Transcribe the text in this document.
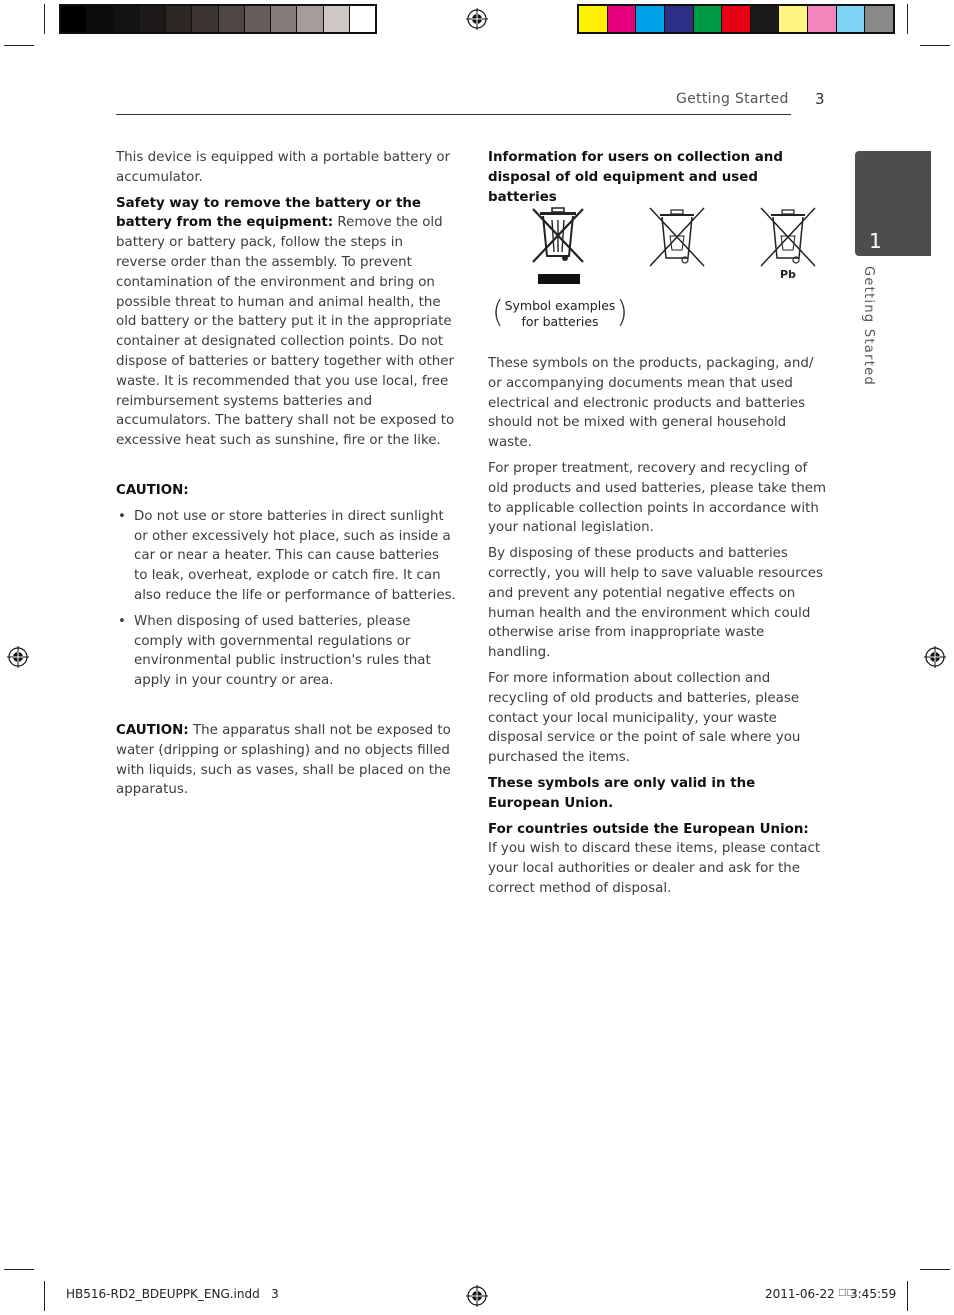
Getting Started 3
1
Getting Started

This device is equipped with a portable battery or accumulator.

Safety way to remove the battery or the battery from the equipment: Remove the old battery or battery pack, follow the steps in reverse order than the assembly. To prevent contamination of the environment and bring on possible threat to human and animal health, the old battery or the battery put it in the appropriate container at designated collection points. Do not dispose of batteries or battery together with other waste. It is recommended that you use local, free reimbursement systems batteries and accumulators. The battery shall not be exposed to excessive heat such as sunshine, fire or the like.

CAUTION:

• Do not use or store batteries in direct sunlight or other excessively hot place, such as inside a car or near a heater. This can cause batteries to leak, overheat, explode or catch fire. It can also reduce the life or performance of batteries.
• When disposing of used batteries, please comply with governmental regulations or environmental public instruction's rules that apply in your country or area.

CAUTION: The apparatus shall not be exposed to water (dripping or splashing) and no objects filled with liquids, such as vases, shall be placed on the apparatus.

Information for users on collection and disposal of old equipment and used batteries

Pb
( Symbol examples
for batteries )

These symbols on the products, packaging, and/ or accompanying documents mean that used electrical and electronic products and batteries should not be mixed with general household waste.

For proper treatment, recovery and recycling of old products and used batteries, please take them to applicable collection points in accordance with your national legislation.

By disposing of these products and batteries correctly, you will help to save valuable resources and prevent any potential negative effects on human health and the environment which could otherwise arise from inappropriate waste handling.

For more information about collection and recycling of old products and batteries, please contact your local municipality, your waste disposal service or the point of sale where you purchased the items.

These symbols are only valid in the European Union.

For countries outside the European Union:

If you wish to discard these items, please contact your local authorities or dealer and ask for the correct method of disposal.

HB516-RD2_BDEUPPK_ENG.indd   3	2011-06-22 □□
3:45:59
